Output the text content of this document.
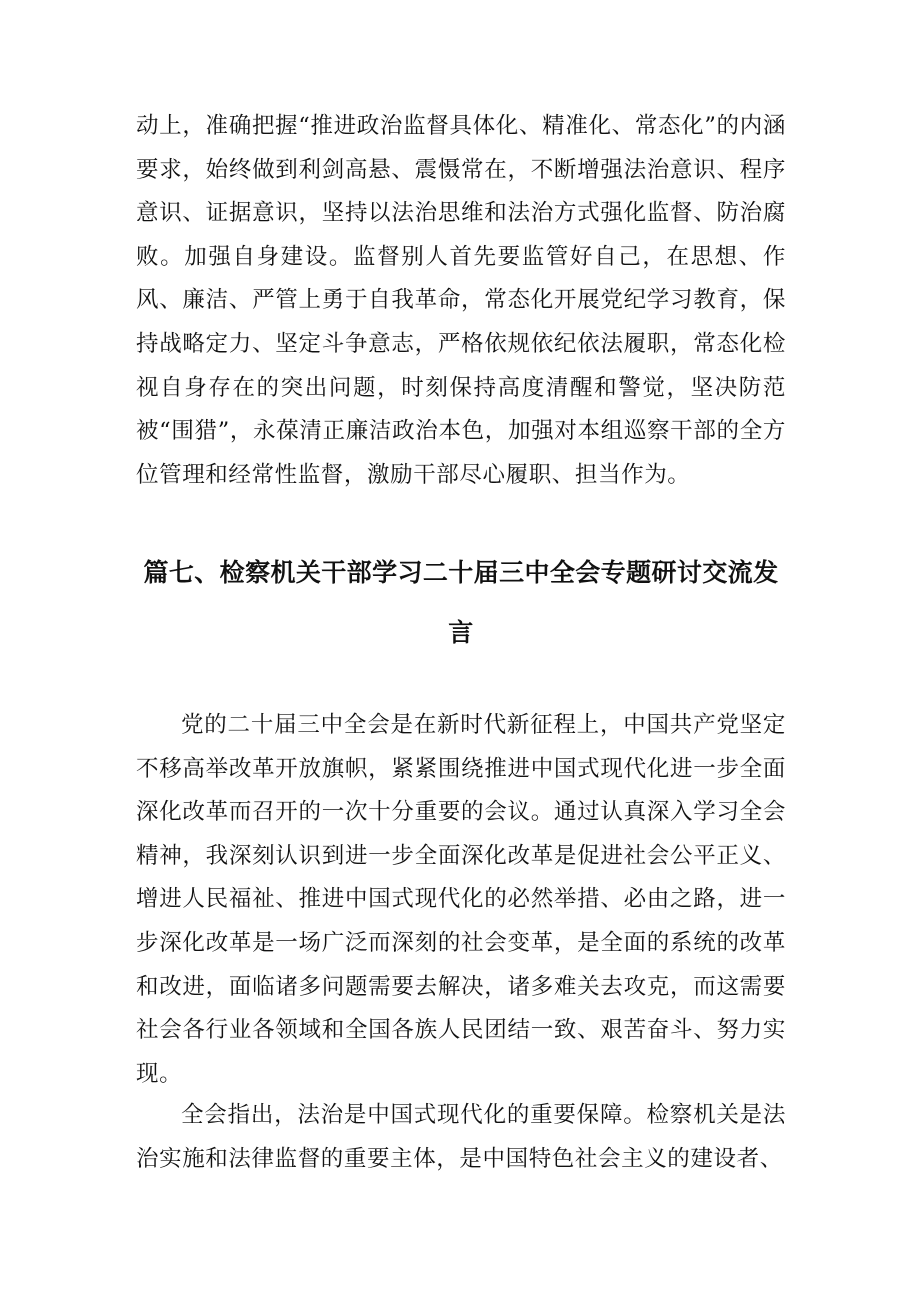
动上，准确把握“推进政治监督具体化、精准化、常态化”的内涵要求，始终做到利剑高悬、震慑常在，不断增强法治意识、程序意识、证据意识，坚持以法治思维和法治方式强化监督、防治腐败。加强自身建设。监督别人首先要监管好自己，在思想、作风、廉洁、严管上勇于自我革命，常态化开展党纪学习教育，保持战略定力、坚定斗争意志，严格依规依纪依法履职，常态化检视自身存在的突出问题，时刻保持高度清醒和警觉，坚决防范被“围猎”，永葆清正廉洁政治本色，加强对本组巡察干部的全方位管理和经常性监督，激励干部尽心履职、担当作为。

篇七、检察机关干部学习二十届三中全会专题研讨交流发言

党的二十届三中全会是在新时代新征程上，中国共产党坚定不移高举改革开放旗帜，紧紧围绕推进中国式现代化进一步全面深化改革而召开的一次十分重要的会议。通过认真深入学习全会精神，我深刻认识到进一步全面深化改革是促进社会公平正义、增进人民福祉、推进中国式现代化的必然举措、必由之路，进一步深化改革是一场广泛而深刻的社会变革，是全面的系统的改革和改进，面临诸多问题需要去解决，诸多难关去攻克，而这需要社会各行业各领域和全国各族人民团结一致、艰苦奋斗、努力实现。

全会指出，法治是中国式现代化的重要保障。检察机关是法治实施和法律监督的重要主体，是中国特色社会主义的建设者、
